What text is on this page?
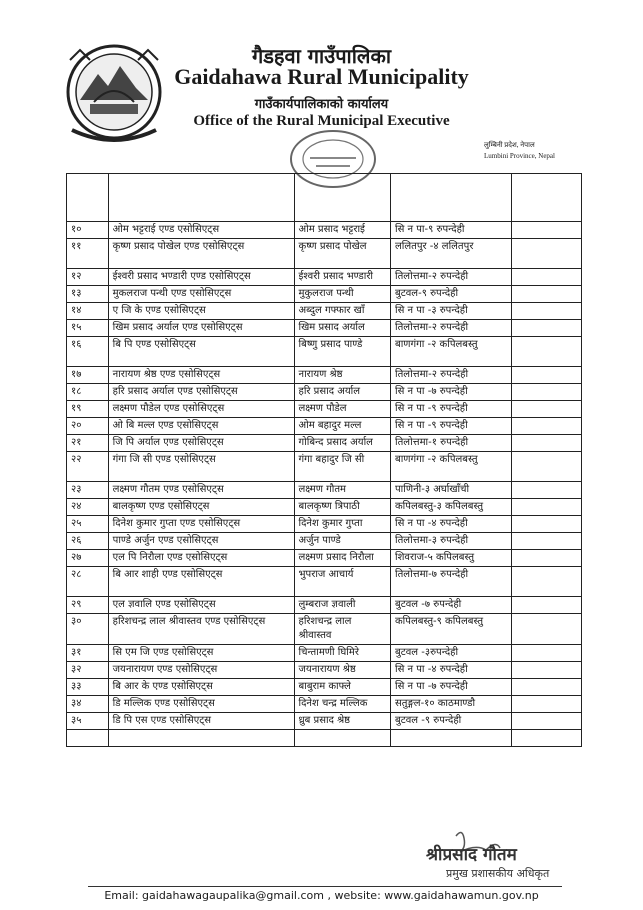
गैडहवा गाउँपालिका
Gaidahawa Rural Municipality
गाउँकार्यपालिकाको कार्यालय
Office of the Rural Municipal Executive
लुम्बिनी प्रदेश, नेपाल
Lumbini Province, Nepal

१०	ओम भट्टराई एण्ड एसोसिएट्स	ओम प्रसाद भट्टराई	सि न पा-९ रुपन्देही	
११	कृष्ण प्रसाद पोखेल एण्ड एसोसिएट्स	कृष्ण प्रसाद पोखेल	ललितपुर -४ ललितपुर	
१२	ईश्वरी प्रसाद भण्डारी एण्ड एसोसिएट्स	ईश्वरी प्रसाद भण्डारी	तिलोत्तमा-२ रुपन्देही	
१३	मुकलराज पन्थी एण्ड एसोसिएट्स	मुकुलराज पन्थी	बुटवल-९ रुपन्देही	
१४	ए जि के एण्ड एसोसिएट्स	अब्दुल गफ्फार खाँ	सि न पा -३ रुपन्देही	
१५	खिम प्रसाद अर्याल एण्ड एसोसिएट्स	खिम प्रसाद अर्याल	तिलोत्तमा-२ रुपन्देही	
१६	बि पि एण्ड एसोसिएट्स	बिष्णु प्रसाद पाण्डे	बाणगंगा -२ कपिलबस्तु	
१७	नारायण श्रेष्ठ एण्ड एसोसिएट्स	नारायण श्रेष्ठ	तिलोत्तमा-२ रुपन्देही	
१८	हरि प्रसाद अर्याल एण्ड एसोसिएट्स	हरि प्रसाद अर्याल	सि न पा -७ रुपन्देही	
१९	लक्ष्मण पौडेल एण्ड एसोसिएट्स	लक्ष्मण पौडेल	सि न पा -९ रुपन्देही	
२०	ओ बि मल्ल एण्ड एसोसिएट्स	ओम बहादुर मल्ल	सि न पा -९ रुपन्देही	
२१	जि पि अर्याल एण्ड एसोसिएट्स	गोबिन्द प्रसाद अर्याल	तिलोत्तमा-१ रुपन्देही	
२२	गंगा जि सी एण्ड एसोसिएट्स	गंगा बहादुर जि सी	बाणगंगा -२ कपिलबस्तु	
२३	लक्ष्मण गौतम एण्ड एसोसिएट्स	लक्ष्मण गौतम	पाणिनी-३ अर्घाखाँची	
२४	बालकृष्ण एण्ड एसोसिएट्स	बालकृष्ण त्रिपाठी	कपिलबस्तु-३ कपिलबस्तु	
२५	दिनेश कुमार गुप्ता एण्ड एसोसिएट्स	दिनेश कुमार गुप्ता	सि न पा -४ रुपन्देही	
२६	पाण्डे अर्जुन एण्ड एसोसिएट्स	अर्जुन पाण्डे	तिलोत्तमा-३ रुपन्देही	
२७	एल पि निरौला एण्ड एसोसिएट्स	लक्ष्मण प्रसाद निरौला	शिवराज-५ कपिलबस्तु	
२८	बि आर शाही एण्ड एसोसिएट्स	भुपराज आचार्य	तिलोत्तमा-७ रुपन्देही	
२९	एल ज्ञवालि एण्ड एसोसिएट्स	लुम्बराज ज्ञवाली	बुटवल -७ रुपन्देही	
३०	हरिशचन्द्र लाल श्रीवास्तव एण्ड एसोसिएट्स	हरिशचन्द्र लाल श्रीवास्तव	कपिलबस्तु-९ कपिलबस्तु	
३१	सि एम जि एण्ड एसोसिएट्स	चिन्तामणी घिमिरे	बुटवल -३रुपन्देही	
३२	जयनारायण एण्ड एसोसिएट्स	जयनारायण श्रेष्ठ	सि न पा -४ रुपन्देही	
३३	बि आर के एण्ड एसोसिएट्स	बाबुराम काफ्ले	सि न पा -७ रुपन्देही	
३४	डि मल्लिक एण्ड एसोसिएट्स	दिनेश चन्द्र मल्लिक	सतुङ्गल-१० काठमाण्डौ	
३५	डि पि एस एण्ड एसोसिएट्स	ध्रुब प्रसाद श्रेष्ठ	बुटवल -९ रुपन्देही	

श्रीप्रसाद गौतम
प्रमुख प्रशासकीय अधिकृत
Email: gaidahawagaupalika@gmail.com , website: www.gaidahawamun.gov.np
